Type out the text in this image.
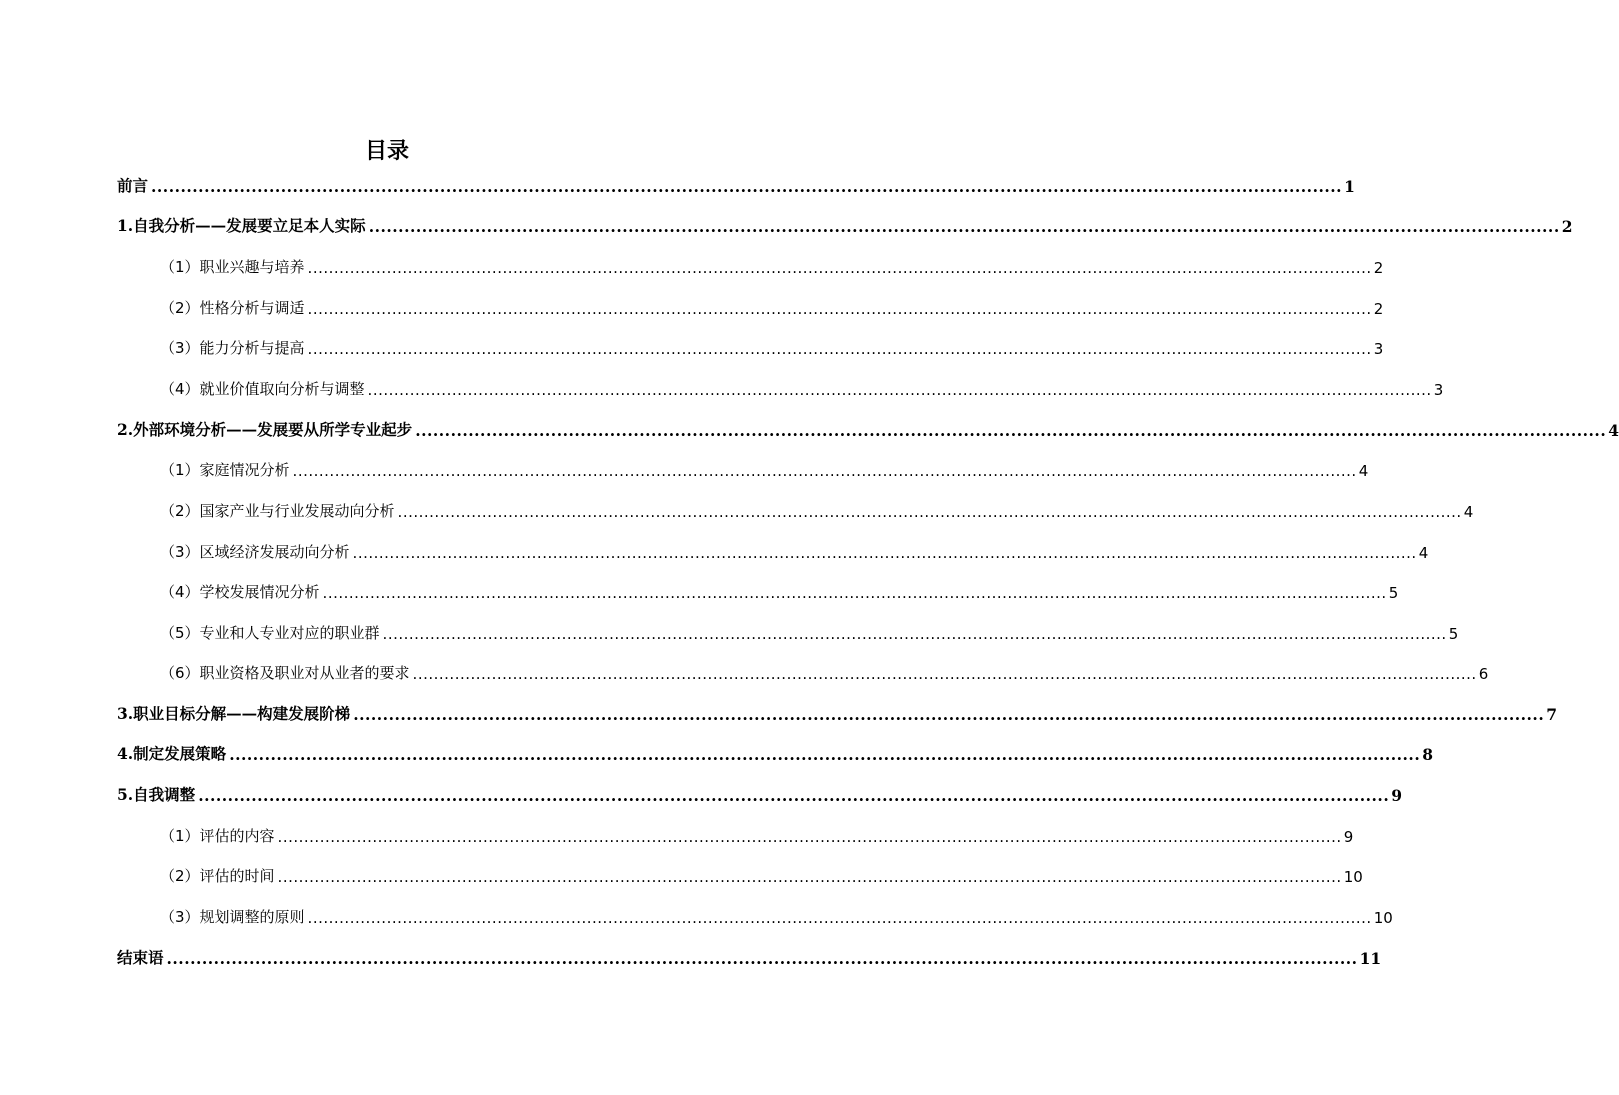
目录
前言 .......................................................................................................................................................................................................... 1
1.自我分析——发展要立足本人实际 .......................................................................................................................................................................................................... 2
（1）职业兴趣与培养 .......................................................................................................................................................................................................... 2
（2）性格分析与调适 .......................................................................................................................................................................................................... 2
（3）能力分析与提高 .......................................................................................................................................................................................................... 3
（4）就业价值取向分析与调整 .......................................................................................................................................................................................................... 3
2.外部环境分析——发展要从所学专业起步 .......................................................................................................................................................................................................... 4
（1）家庭情况分析 .......................................................................................................................................................................................................... 4
（2）国家产业与行业发展动向分析 .......................................................................................................................................................................................................... 4
（3）区域经济发展动向分析 .......................................................................................................................................................................................................... 4
（4）学校发展情况分析 .......................................................................................................................................................................................................... 5
（5）专业和人专业对应的职业群 .......................................................................................................................................................................................................... 5
（6）职业资格及职业对从业者的要求 .......................................................................................................................................................................................................... 6
3.职业目标分解——构建发展阶梯 .......................................................................................................................................................................................................... 7
4.制定发展策略 .......................................................................................................................................................................................................... 8
5.自我调整 .......................................................................................................................................................................................................... 9
（1）评估的内容 .......................................................................................................................................................................................................... 9
（2）评估的时间 .......................................................................................................................................................................................................... 10
（3）规划调整的原则 .......................................................................................................................................................................................................... 10
结束语 .......................................................................................................................................................................................................... 11
